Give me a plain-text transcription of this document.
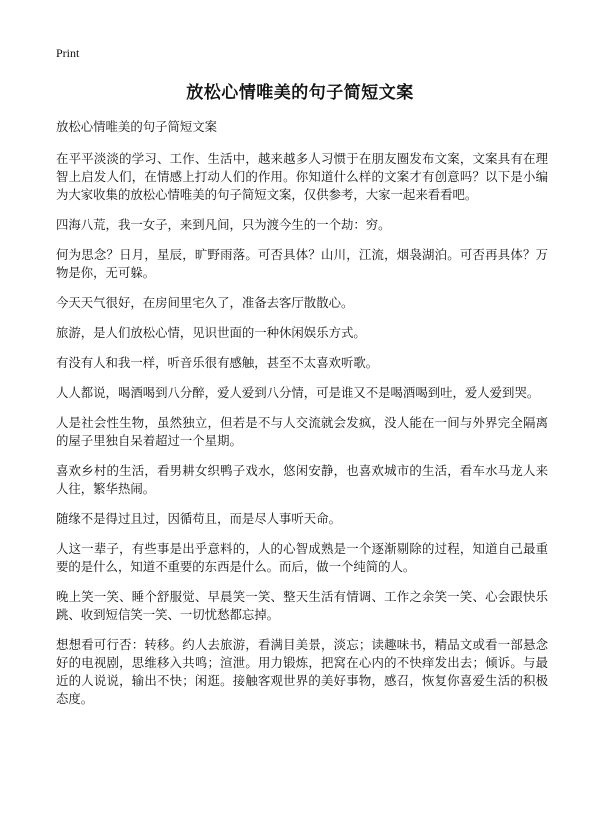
Print
放松心情唯美的句子简短文案

放松心情唯美的句子简短文案

在平平淡淡的学习、工作、生活中，越来越多人习惯于在朋友圈发布文案，文案具有在理智上启发人们，在情感上打动人们的作用。你知道什么样的文案才有创意吗？以下是小编为大家收集的放松心情唯美的句子简短文案，仅供参考，大家一起来看看吧。

四海八荒，我一女子，来到凡间，只为渡今生的一个劫：穷。

何为思念？日月，星辰，旷野雨落。可否具体？山川，江流，烟袅湖泊。可否再具体？万物是你，无可躲。

今天天气很好，在房间里宅久了，准备去客厅散散心。

旅游，是人们放松心情，见识世面的一种休闲娱乐方式。

有没有人和我一样，听音乐很有感触，甚至不太喜欢听歌。

人人都说，喝酒喝到八分醉，爱人爱到八分情，可是谁又不是喝酒喝到吐，爱人爱到哭。

人是社会性生物，虽然独立，但若是不与人交流就会发疯，没人能在一间与外界完全隔离的屋子里独自呆着超过一个星期。

喜欢乡村的生活，看男耕女织鸭子戏水，悠闲安静，也喜欢城市的生活，看车水马龙人来人往，繁华热闹。

随缘不是得过且过，因循苟且，而是尽人事听天命。

人这一辈子，有些事是出乎意料的，人的心智成熟是一个逐渐剔除的过程，知道自己最重要的是什么，知道不重要的东西是什么。而后，做一个纯简的人。

晚上笑一笑、睡个舒服觉、早晨笑一笑、整天生活有情调、工作之余笑一笑、心会跟快乐跳、收到短信笑一笑、一切忧愁都忘掉。

想想看可行否：转移。约人去旅游，看满目美景，淡忘；读趣味书，精品文或看一部悬念好的电视剧，思维移入共鸣；渲泄。用力锻炼，把窝在心内的不快痒发出去；倾诉。与最近的人说说，输出不快；闲逛。接触客观世界的美好事物，感召，恢复你喜爱生活的积极态度。
